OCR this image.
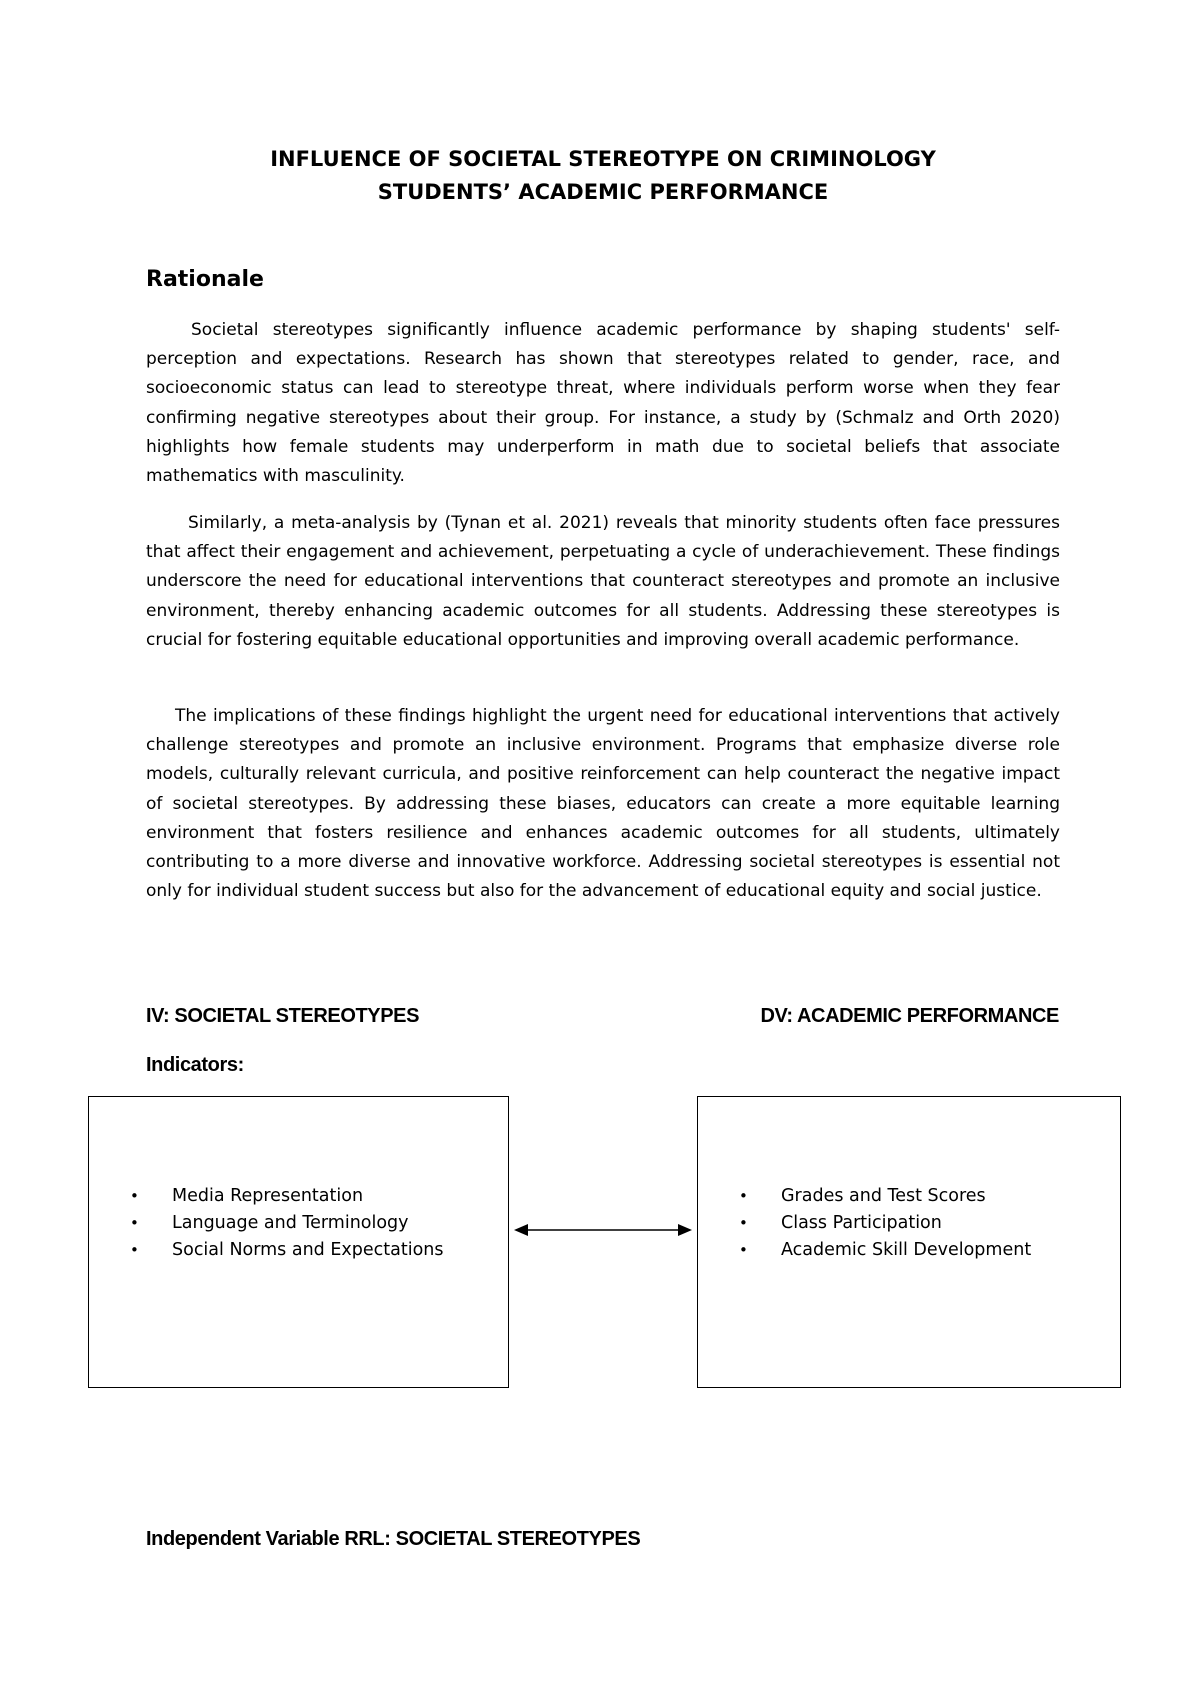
INFLUENCE OF SOCIETAL STEREOTYPE ON CRIMINOLOGY
STUDENTS’ ACADEMIC PERFORMANCE
Rationale

Societal stereotypes significantly influence academic performance by shaping students' self-perception and expectations. Research has shown that stereotypes related to gender, race, and socioeconomic status can lead to stereotype threat, where individuals perform worse when they fear confirming negative stereotypes about their group. For instance, a study by (Schmalz and Orth 2020) highlights how female students may underperform in math due to societal beliefs that associate mathematics with masculinity.

Similarly, a meta-analysis by (Tynan et al. 2021) reveals that minority students often face pressures that affect their engagement and achievement, perpetuating a cycle of underachievement. These findings underscore the need for educational interventions that counteract stereotypes and promote an inclusive environment, thereby enhancing academic outcomes for all students. Addressing these stereotypes is crucial for fostering equitable educational opportunities and improving overall academic performance.

The implications of these findings highlight the urgent need for educational interventions that actively challenge stereotypes and promote an inclusive environment. Programs that emphasize diverse role models, culturally relevant curricula, and positive reinforcement can help counteract the negative impact of societal stereotypes. By addressing these biases, educators can create a more equitable learning environment that fosters resilience and enhances academic outcomes for all students, ultimately contributing to a more diverse and innovative workforce. Addressing societal stereotypes is essential not only for individual student success but also for the advancement of educational equity and social justice.

IV: SOCIETAL STEREOTYPES	DV: ACADEMIC PERFORMANCE
Indicators:
• Media Representation
• Language and Terminology
• Social Norms and Expectations
• Grades and Test Scores
• Class Participation
• Academic Skill Development
Independent Variable RRL: SOCIETAL STEREOTYPES
